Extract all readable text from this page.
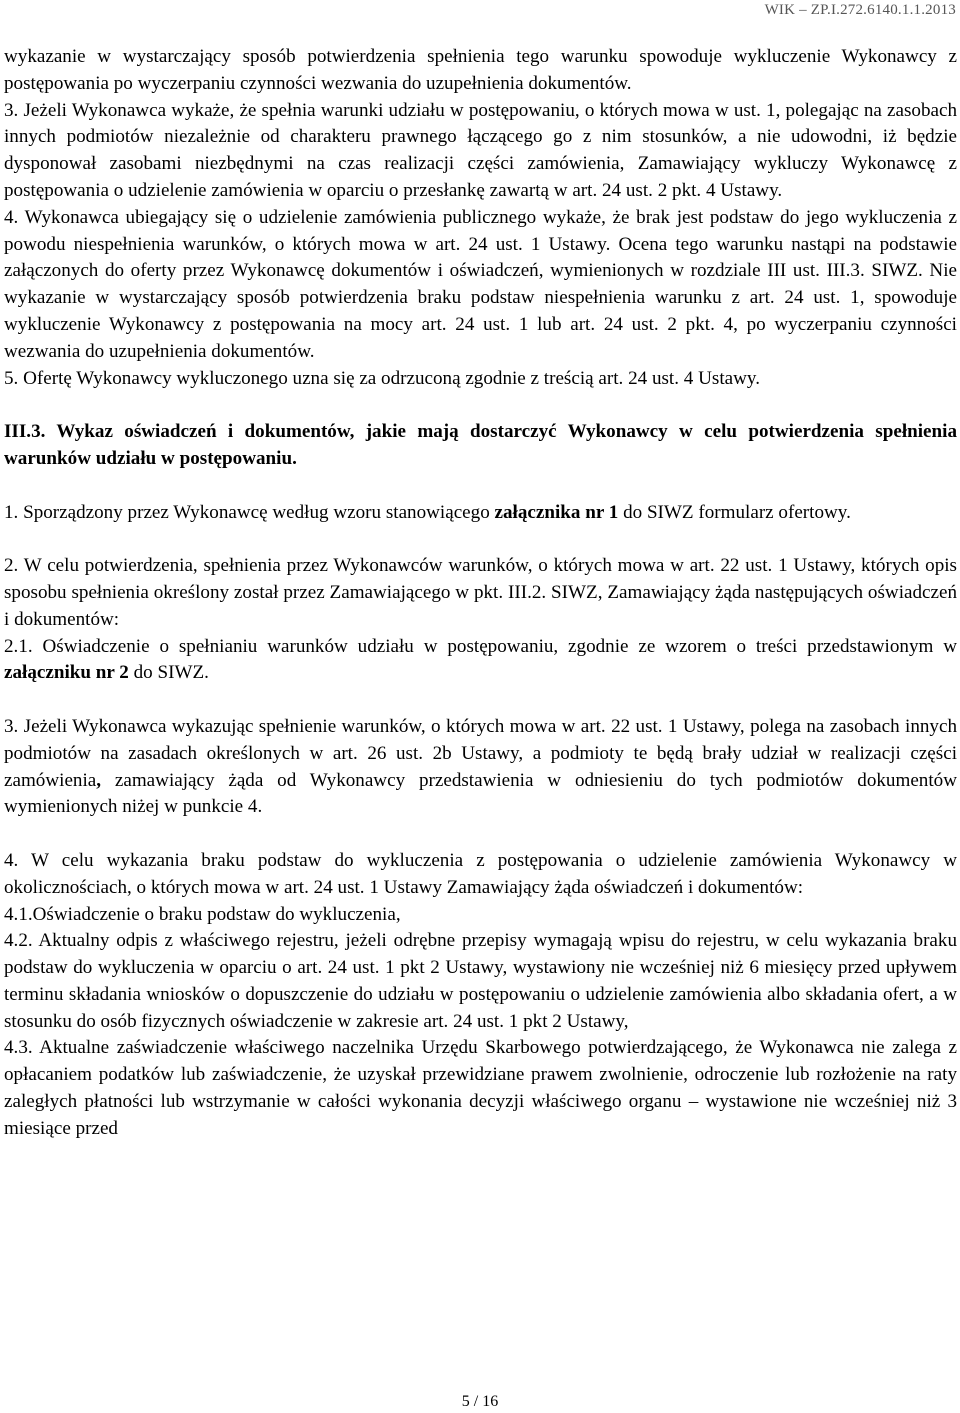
WIK – ZP.I.272.6140.1.1.2013

wykazanie w wystarczający sposób potwierdzenia spełnienia tego warunku spowoduje wykluczenie Wykonawcy z postępowania po wyczerpaniu czynności wezwania do uzupełnienia dokumentów.

3. Jeżeli Wykonawca wykaże, że spełnia warunki udziału w postępowaniu, o których mowa w ust. 1, polegając na zasobach innych podmiotów niezależnie od charakteru prawnego łączącego go z nim stosunków, a nie udowodni, iż będzie dysponował zasobami niezbędnymi na czas realizacji części zamówienia, Zamawiający wykluczy Wykonawcę z postępowania o udzielenie zamówienia w oparciu o przesłankę zawartą w art. 24 ust. 2 pkt. 4 Ustawy.

4. Wykonawca ubiegający się o udzielenie zamówienia publicznego wykaże, że brak jest podstaw do jego wykluczenia z powodu niespełnienia warunków, o których mowa w art. 24 ust. 1 Ustawy. Ocena tego warunku nastąpi na podstawie załączonych do oferty przez Wykonawcę dokumentów i oświadczeń, wymienionych w rozdziale III ust. III.3. SIWZ. Nie wykazanie w wystarczający sposób potwierdzenia braku podstaw niespełnienia warunku z art. 24 ust. 1, spowoduje wykluczenie Wykonawcy z postępowania na mocy art. 24 ust. 1 lub art. 24 ust. 2 pkt. 4, po wyczerpaniu czynności wezwania do uzupełnienia dokumentów.

5. Ofertę Wykonawcy wykluczonego uzna się za odrzuconą zgodnie z treścią art. 24 ust. 4 Ustawy.

III.3. Wykaz oświadczeń i dokumentów, jakie mają dostarczyć Wykonawcy w celu potwierdzenia spełnienia warunków udziału w postępowaniu.

1. Sporządzony przez Wykonawcę według wzoru stanowiącego załącznika nr 1 do SIWZ formularz ofertowy.

2. W celu potwierdzenia, spełnienia przez Wykonawców warunków, o których mowa w art. 22 ust. 1 Ustawy, których opis sposobu spełnienia określony został przez Zamawiającego w pkt. III.2. SIWZ, Zamawiający żąda następujących oświadczeń i dokumentów:

2.1. Oświadczenie o spełnianiu warunków udziału w postępowaniu, zgodnie ze wzorem o treści przedstawionym w załączniku nr 2 do SIWZ.

3. Jeżeli Wykonawca wykazując spełnienie warunków, o których mowa w art. 22 ust. 1 Ustawy, polega na zasobach innych podmiotów na zasadach określonych w art. 26 ust. 2b Ustawy, a podmioty te będą brały udział w realizacji części zamówienia, zamawiający żąda od Wykonawcy przedstawienia w odniesieniu do tych podmiotów dokumentów wymienionych niżej w punkcie 4.

4. W celu wykazania braku podstaw do wykluczenia z postępowania o udzielenie zamówienia Wykonawcy w okolicznościach, o których mowa w art. 24 ust. 1 Ustawy Zamawiający żąda oświadczeń i dokumentów:

4.1.Oświadczenie o braku podstaw do wykluczenia,

4.2. Aktualny odpis z właściwego rejestru, jeżeli odrębne przepisy wymagają wpisu do rejestru, w celu wykazania braku podstaw do wykluczenia w oparciu o art. 24 ust. 1 pkt 2 Ustawy, wystawiony nie wcześniej niż 6 miesięcy przed upływem terminu składania wniosków o dopuszczenie do udziału w postępowaniu o udzielenie zamówienia albo składania ofert, a w stosunku do osób fizycznych oświadczenie w zakresie art. 24 ust. 1 pkt 2 Ustawy,

4.3. Aktualne zaświadczenie właściwego naczelnika Urzędu Skarbowego potwierdzającego, że Wykonawca nie zalega z opłacaniem podatków lub zaświadczenie, że uzyskał przewidziane prawem zwolnienie, odroczenie lub rozłożenie na raty zaległych płatności lub wstrzymanie w całości wykonania decyzji właściwego organu – wystawione nie wcześniej niż 3 miesiące przed

5 / 16
